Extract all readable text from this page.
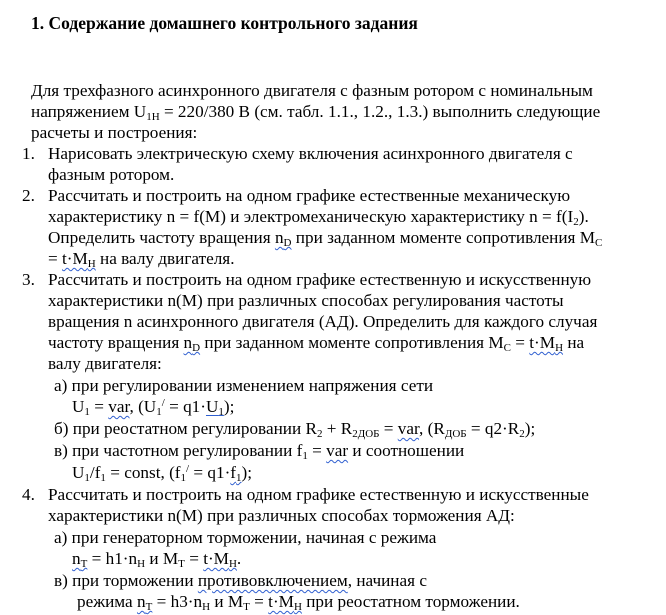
1. Содержание домашнего контрольного задания
Для трехфазного асинхронного двигателя с фазным ротором с номинальным
напряжением U1Н = 220/380 В (см. табл. 1.1., 1.2., 1.3.) выполнить следующие
расчеты и построения:
1. Нарисовать электрическую схему включения асинхронного двигателя с
фазным ротором.
2. Рассчитать и построить на одном графике естественные механическую
характеристику n = f(M) и электромеханическую характеристику n = f(I2).
Определить частоту вращения nD при заданном моменте сопротивления MC
= t·MН на валу двигателя.
3. Рассчитать и построить на одном графике естественную и искусственную
характеристики n(M) при различных способах регулирования частоты
вращения n асинхронного двигателя (АД). Определить для каждого случая
частоту вращения nD при заданном моменте сопротивления MC = t·MН на
валу двигателя:
а) при регулировании изменением напряжения сети
U1 = var, (U1/ = q1·U1);
б) при реостатном регулировании R2 + R2ДОБ = var, (RДОБ = q2·R2);
в) при частотном регулировании f1 = var и соотношении
U1/f1 = const, (f1/ = q1·f1);
4. Рассчитать и построить на одном графике естественную и искусственные
характеристики n(M) при различных способах торможения АД:
а) при генераторном торможении, начиная с режима
nТ = h1·nН и MТ = t·MН.
в) при торможении противовключением, начиная с
режима nТ = h3·nН и MТ = t·MН при реостатном торможении.
